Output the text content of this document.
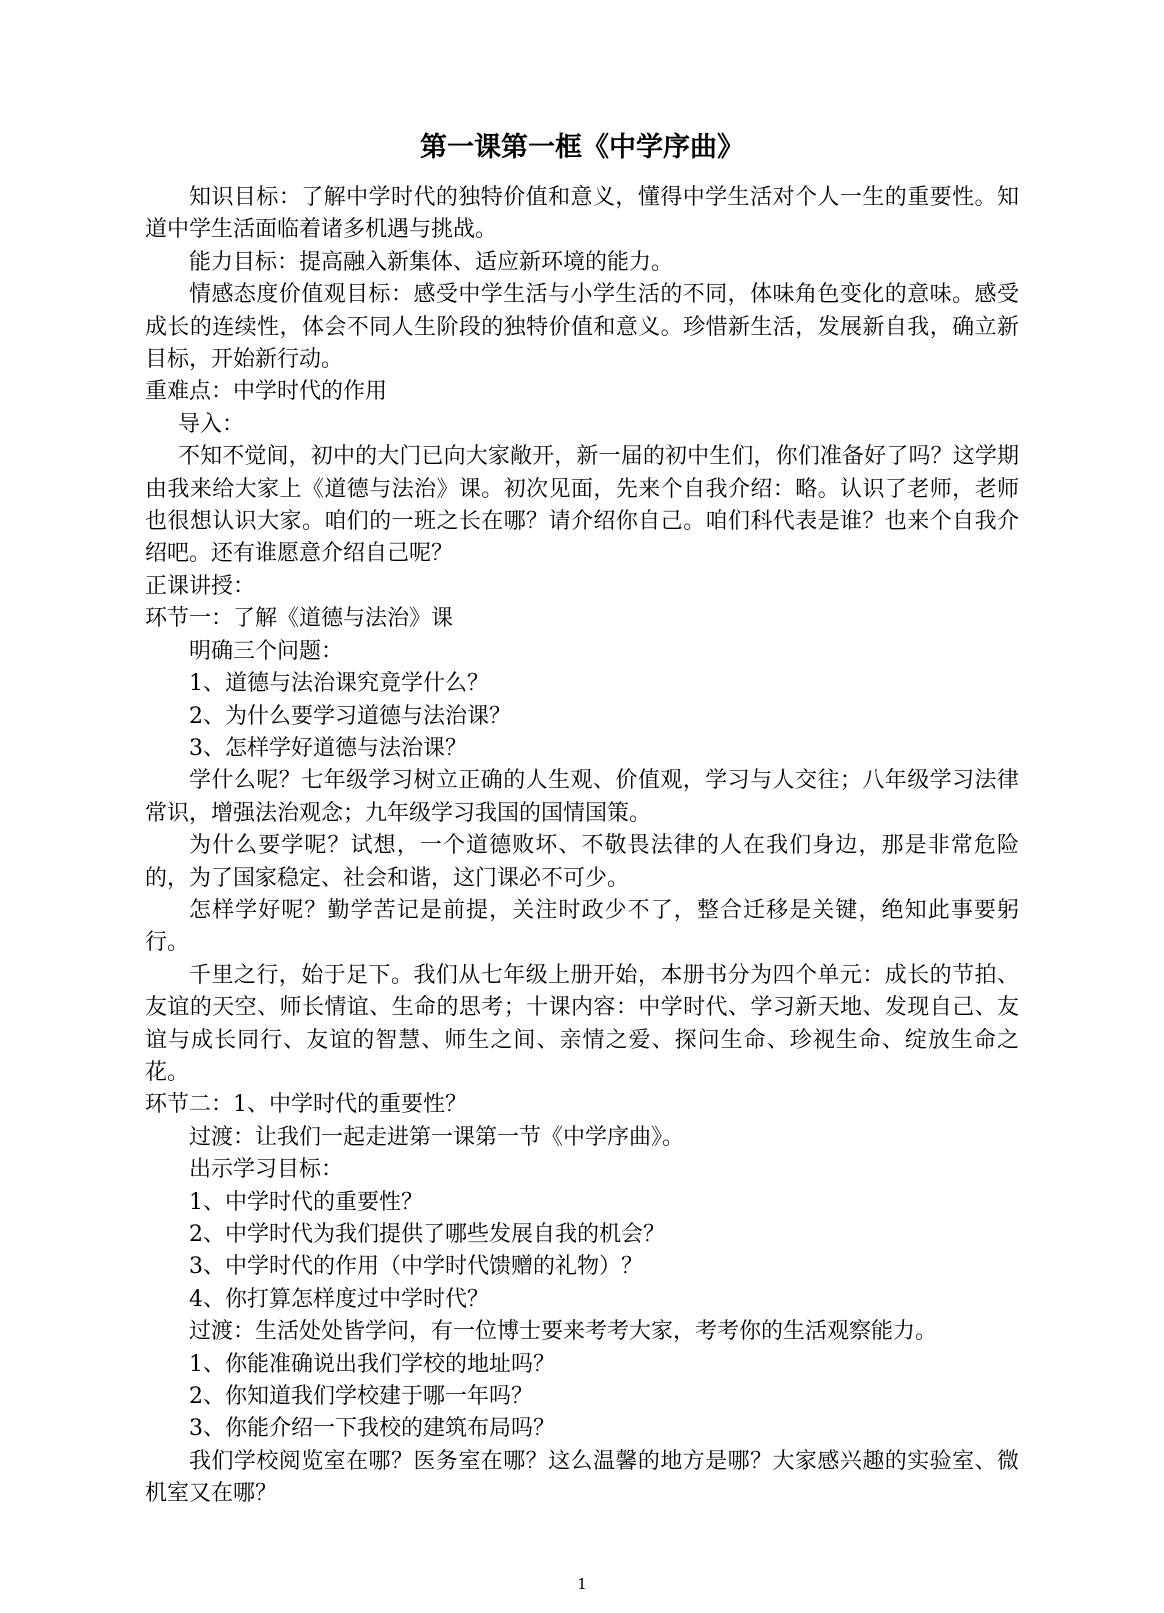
第一课第一框《中学序曲》

知识目标：了解中学时代的独特价值和意义，懂得中学生活对个人一生的重要性。知道中学生活面临着诸多机遇与挑战。

能力目标：提高融入新集体、适应新环境的能力。

情感态度价值观目标：感受中学生活与小学生活的不同，体味角色变化的意味。感受成长的连续性，体会不同人生阶段的独特价值和意义。珍惜新生活，发展新自我，确立新目标，开始新行动。

重难点：中学时代的作用

导入：

不知不觉间，初中的大门已向大家敞开，新一届的初中生们，你们准备好了吗？这学期由我来给大家上《道德与法治》课。初次见面，先来个自我介绍：略。认识了老师，老师也很想认识大家。咱们的一班之长在哪？请介绍你自己。咱们科代表是谁？也来个自我介绍吧。还有谁愿意介绍自己呢？

正课讲授：

环节一：了解《道德与法治》课

明确三个问题：

1、道德与法治课究竟学什么？

2、为什么要学习道德与法治课？

3、怎样学好道德与法治课？

学什么呢？七年级学习树立正确的人生观、价值观，学习与人交往；八年级学习法律常识，增强法治观念；九年级学习我国的国情国策。

为什么要学呢？试想，一个道德败坏、不敬畏法律的人在我们身边，那是非常危险的，为了国家稳定、社会和谐，这门课必不可少。

怎样学好呢？勤学苦记是前提，关注时政少不了，整合迁移是关键，绝知此事要躬行。

千里之行，始于足下。我们从七年级上册开始，本册书分为四个单元：成长的节拍、友谊的天空、师长情谊、生命的思考；十课内容：中学时代、学习新天地、发现自己、友谊与成长同行、友谊的智慧、师生之间、亲情之爱、探问生命、珍视生命、绽放生命之花。

环节二：1、中学时代的重要性？

过渡：让我们一起走进第一课第一节《中学序曲》。

出示学习目标：

1、中学时代的重要性？

2、中学时代为我们提供了哪些发展自我的机会？

3、中学时代的作用（中学时代馈赠的礼物）？

4、你打算怎样度过中学时代？

过渡：生活处处皆学问，有一位博士要来考考大家，考考你的生活观察能力。

1、你能准确说出我们学校的地址吗？

2、你知道我们学校建于哪一年吗？

3、你能介绍一下我校的建筑布局吗？

我们学校阅览室在哪？医务室在哪？这么温馨的地方是哪？大家感兴趣的实验室、微机室又在哪？

1
